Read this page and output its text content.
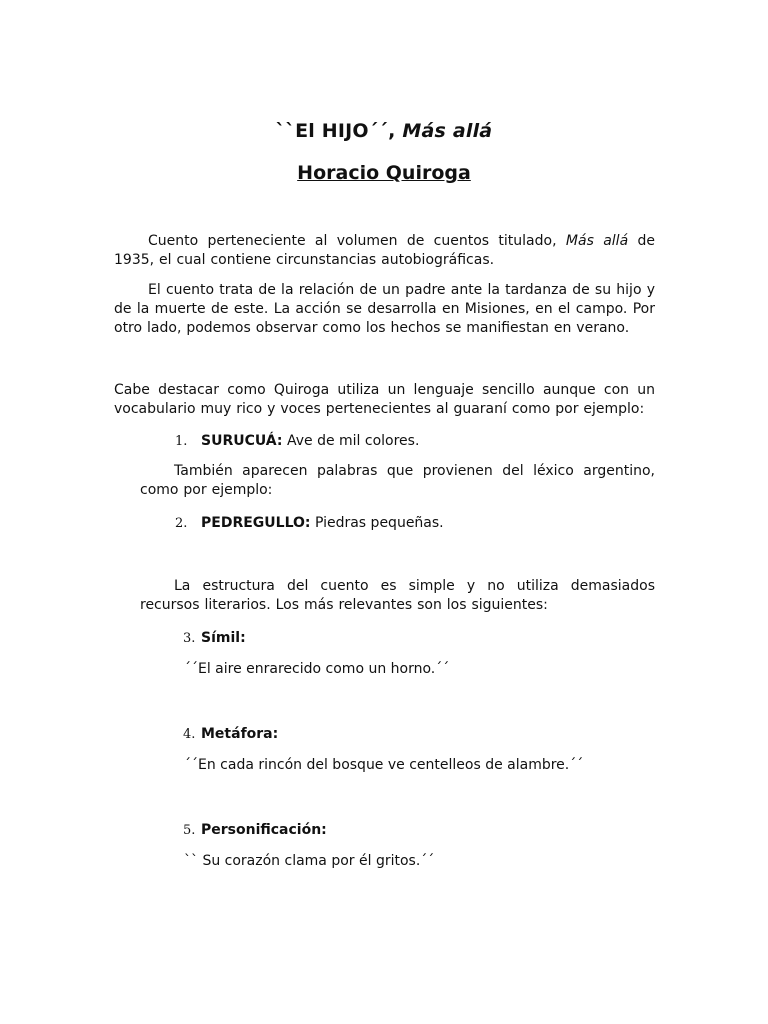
``El HIJO´´, Más allá
Horacio Quiroga
Cuento perteneciente al volumen de cuentos titulado, Más allá de 1935, el cual contiene circunstancias autobiográficas.
El cuento trata de la relación de un padre ante la tardanza de su hijo y de la muerte de este. La acción se desarrolla en Misiones, en el campo. Por otro lado, podemos observar como los hechos se manifiestan en verano.
Cabe destacar como Quiroga utiliza un lenguaje sencillo aunque con un vocabulario muy rico y voces pertenecientes al guaraní como por ejemplo:
1. SURUCUÁ: Ave de mil colores.
También aparecen palabras que provienen del léxico argentino, como por ejemplo:
2. PEDREGULLO: Piedras pequeñas.
La estructura del cuento es simple y no utiliza demasiados recursos literarios. Los más relevantes son los siguientes:
3. Símil:
´´El aire enrarecido como un horno.´´
4. Metáfora:
´´En cada rincón del bosque ve centelleos de alambre.´´
5. Personificación:
`` Su corazón clama por él gritos.´´
